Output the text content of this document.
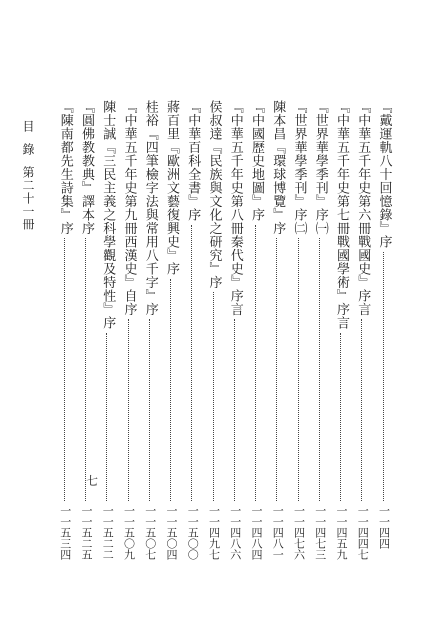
目錄第二十一冊
七
『戴運軌八十回憶錄』序
一一四四
『中華五千年史第六冊戰國史』序言
一一四四七
『中華五千年史第七冊戰國學術』序言
一一四五九
『世界華學季刊』序㈠
一一四七三
『世界華學季刊』序㈡
一一四七六
陳本昌『環球博覽』序
一一四八一
『中國歷史地圖』序
一一四八四
『中華五千年史第八冊秦代史』序言
一一四八六
侯叔達『民族與文化之研究』序
一一四九七
『中華百科全書』序
一一五〇〇
蔣百里『歐洲文藝復興史』序
一一五〇四
桂裕『四筆檢字法與常用八千字』序
一一五〇七
『中華五千年史第九冊西漢史』自序
一一五〇九
陳士誠『三民主義之科學觀及特性』序
一一五二二
『圓佛教教典』譯本序
一一五二五
『陳南都先生詩集』序
一一五三四
